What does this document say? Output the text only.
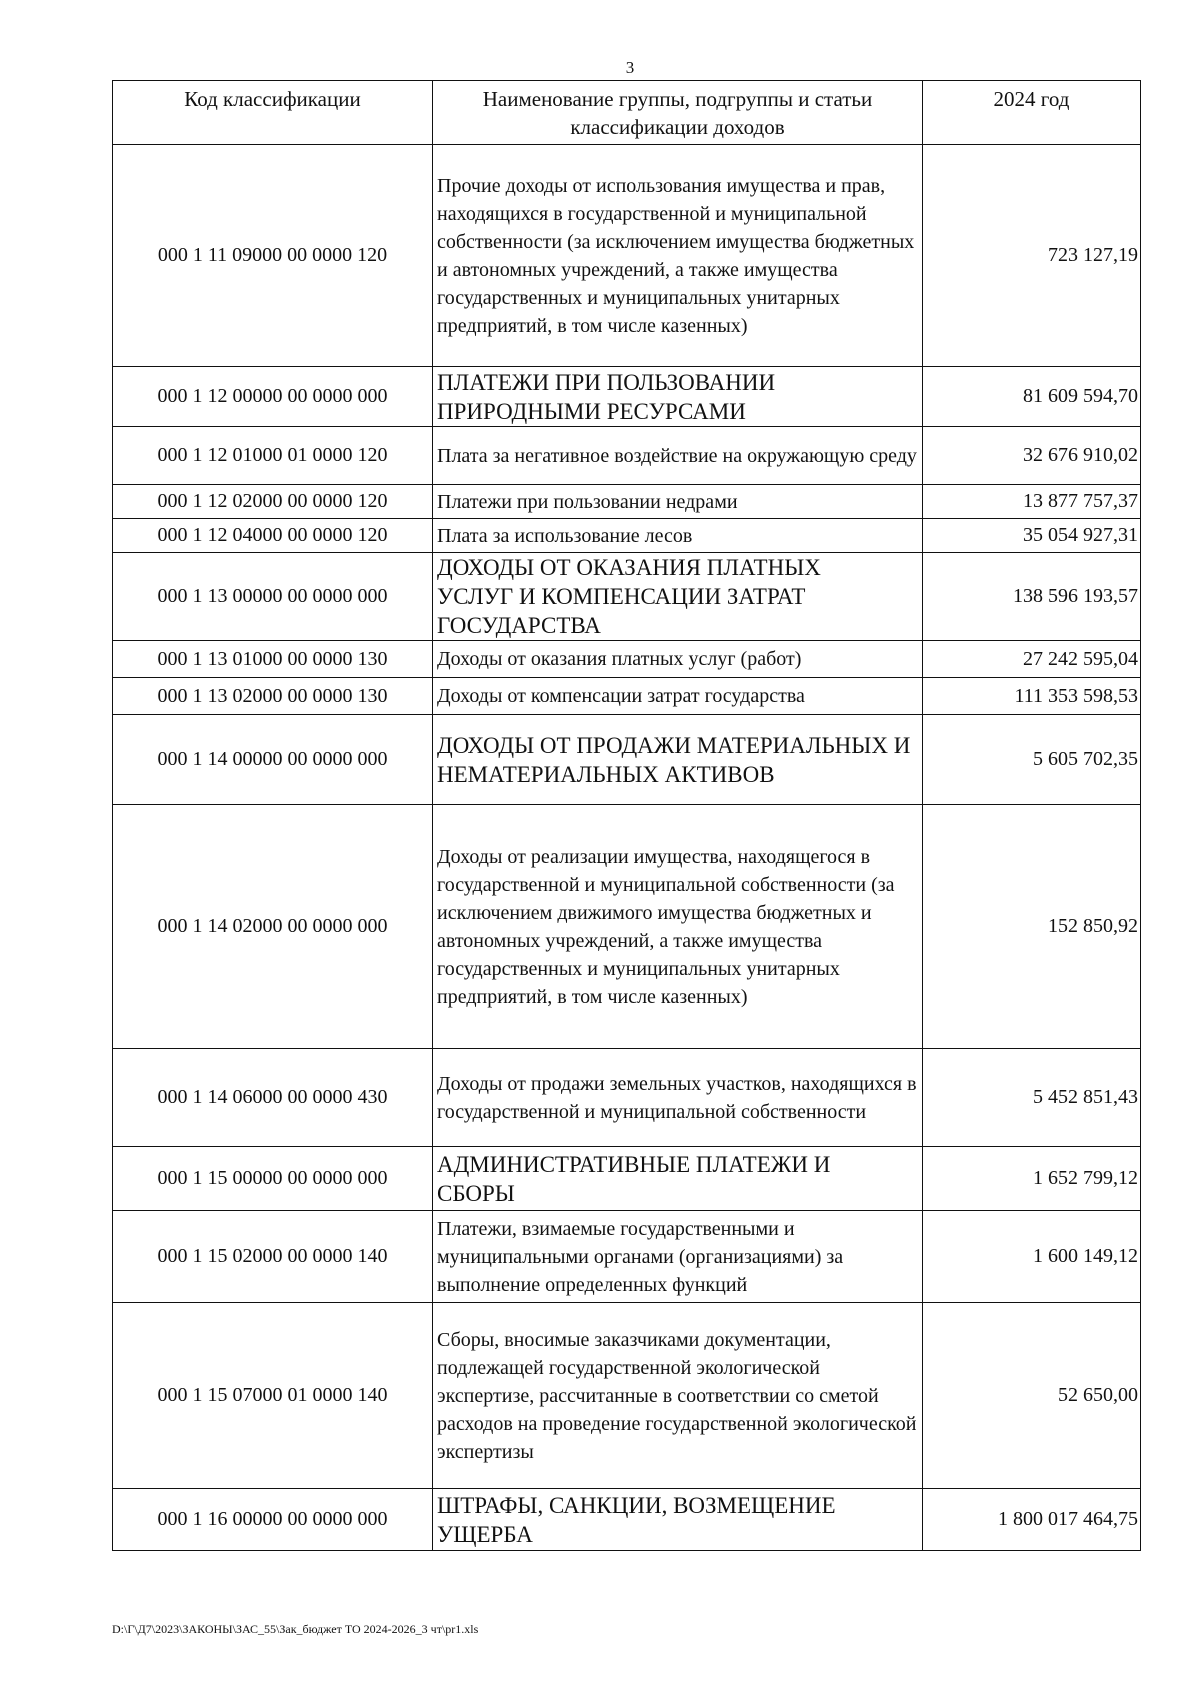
3
Код классификации	Наименование группы, подгруппы и статьи классификации доходов	2024 год
000 1 11 09000 00 0000 120	Прочие доходы от использования имущества и прав, находящихся в государственной и муниципальной собственности (за исключением имущества бюджетных и автономных учреждений, а также имущества государственных и муниципальных унитарных предприятий, в том числе казенных)	723 127,19
000 1 12 00000 00 0000 000	ПЛАТЕЖИ ПРИ ПОЛЬЗОВАНИИ ПРИРОДНЫМИ РЕСУРСАМИ	81 609 594,70
000 1 12 01000 01 0000 120	Плата за негативное воздействие на окружающую среду	32 676 910,02
000 1 12 02000 00 0000 120	Платежи при пользовании недрами	13 877 757,37
000 1 12 04000 00 0000 120	Плата за использование лесов	35 054 927,31
000 1 13 00000 00 0000 000	ДОХОДЫ ОТ ОКАЗАНИЯ ПЛАТНЫХ УСЛУГ И КОМПЕНСАЦИИ ЗАТРАТ ГОСУДАРСТВА	138 596 193,57
000 1 13 01000 00 0000 130	Доходы от оказания платных услуг (работ)	27 242 595,04
000 1 13 02000 00 0000 130	Доходы от компенсации затрат государства	111 353 598,53
000 1 14 00000 00 0000 000	ДОХОДЫ ОТ ПРОДАЖИ МАТЕРИАЛЬНЫХ И НЕМАТЕРИАЛЬНЫХ АКТИВОВ	5 605 702,35
000 1 14 02000 00 0000 000	Доходы от реализации имущества, находящегося в государственной и муниципальной собственности (за исключением движимого имущества бюджетных и автономных учреждений, а также имущества государственных и муниципальных унитарных предприятий, в том числе казенных)	152 850,92
000 1 14 06000 00 0000 430	Доходы от продажи земельных участков, находящихся в государственной и муниципальной собственности	5 452 851,43
000 1 15 00000 00 0000 000	АДМИНИСТРАТИВНЫЕ ПЛАТЕЖИ И СБОРЫ	1 652 799,12
000 1 15 02000 00 0000 140	Платежи, взимаемые государственными и муниципальными органами (организациями) за выполнение определенных функций	1 600 149,12
000 1 15 07000 01 0000 140	Сборы, вносимые заказчиками документации, подлежащей государственной экологической экспертизе, рассчитанные в соответствии со сметой расходов на проведение государственной экологической экспертизы	52 650,00
000 1 16 00000 00 0000 000	ШТРАФЫ, САНКЦИИ, ВОЗМЕЩЕНИЕ УЩЕРБА	1 800 017 464,75
D:\Г\Д7\2023\ЗАКОНЫ\ЗАС_55\Зак_бюджет ТО 2024-2026_3 чт\pr1.xls
